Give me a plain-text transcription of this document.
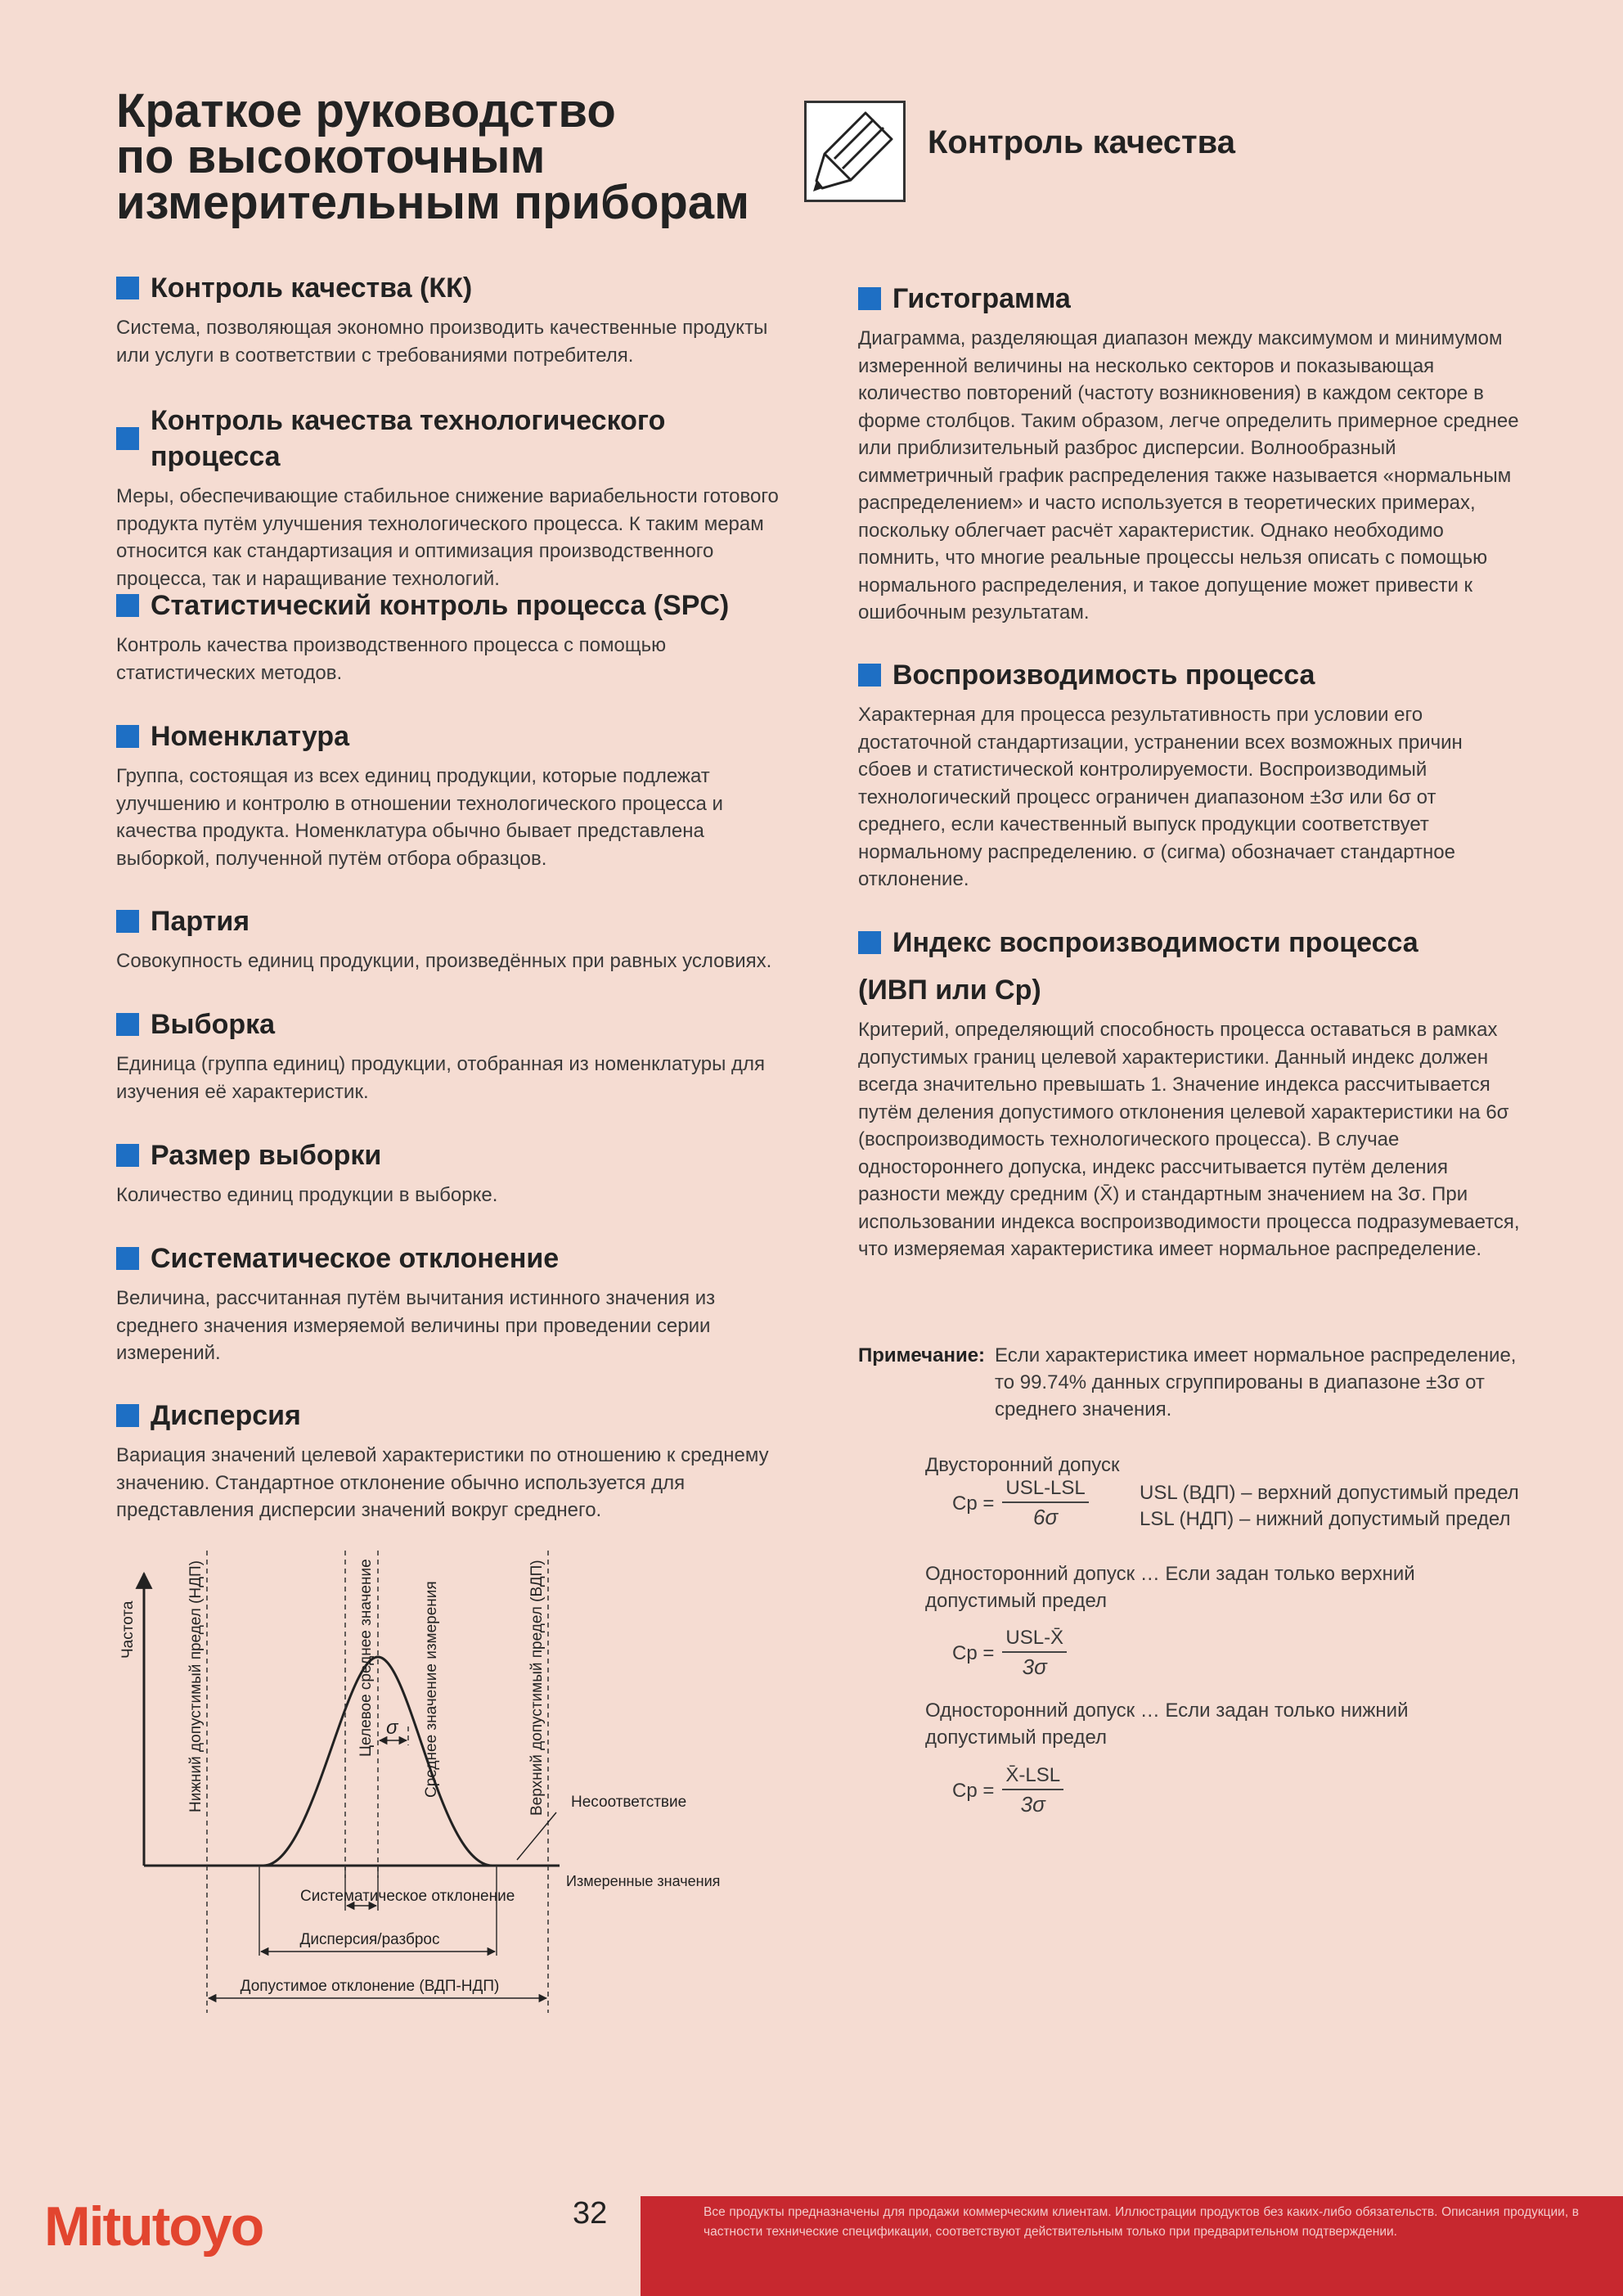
Краткое руководство
по высокоточным
измерительным приборам
Контроль качества
Контроль качества (КК)

Система, позволяющая экономно производить качественные продукты или услуги в соответствии с требованиями потребителя.

Контроль качества технологического процесса

Меры, обеспечивающие стабильное снижение вариабельности готового продукта путём улучшения технологического процесса. К таким мерам относится как стандартизация и оптимизация производственного процесса, так и наращивание технологий.

Статистический контроль процесса (SPC)

Контроль качества производственного процесса с помощью статистических методов.

Номенклатура

Группа, состоящая из всех единиц продукции, которые подлежат улучшению и контролю в отношении технологического процесса и качества продукта. Номенклатура обычно бывает представлена выборкой, полученной путём отбора образцов.

Партия

Совокупность единиц продукции, произведённых при равных условиях.

Выборка

Единица (группа единиц) продукции, отобранная из номенклатуры для изучения её характеристик.

Размер выборки

Количество единиц продукции в выборке.

Систематическое отклонение

Величина, рассчитанная путём вычитания истинного значения из среднего значения измеряемой величины при проведении серии измерений.

Дисперсия

Вариация значений целевой характеристики по отношению к среднему значению. Стандартное отклонение обычно используется для представления дисперсии значений вокруг среднего.

Частота	Нижний допустимый предел (НДП)	Целевое среднее значение	Среднее значение измерения	Верхний допустимый предел (ВДП)
σ
Несоответствие
Измеренные значения
Систематическое отклонение
Дисперсия/разброс
Допустимое отклонение (ВДП-НДП)
Гистограмма

Диаграмма, разделяющая диапазон между максимумом и минимумом измеренной величины на несколько секторов и показывающая количество повторений (частоту возникновения) в каждом секторе в форме столбцов. Таким образом, легче определить примерное среднее или приблизительный разброс дисперсии. Волнообразный симметричный график распределения также называется «нормальным распределением» и часто используется в теоретических примерах, поскольку облегчает расчёт характеристик. Однако необходимо помнить, что многие реальные процессы нельзя описать с помощью нормального распределения, и такое допущение может привести к ошибочным результатам.

Воспроизводимость процесса

Характерная для процесса результативность при условии его достаточной стандартизации, устранении всех возможных причин сбоев и статистической контролируемости. Воспроизводимый технологический процесс ограничен диапазоном ±3σ или 6σ от среднего, если качественный выпуск продукции соответствует нормальному распределению. σ (сигма) обозначает стандартное отклонение.

Индекс воспроизводимости процесса
(ИВП или Cp)

Критерий, определяющий способность процесса оставаться в рамках допустимых границ целевой характеристики. Данный индекс должен всегда значительно превышать 1. Значение индекса рассчитывается путём деления допустимого отклонения целевой характеристики на 6σ (воспроизводимость технологического процесса). В случае одностороннего допуска, индекс рассчитывается путём деления разности между средним (X̄) и стандартным значением на 3σ. При использовании индекса воспроизводимости процесса подразумевается, что измеряемая характеристика имеет нормальное распределение.

Примечание: Если характеристика имеет нормальное распределение, то 99.74% данных сгруппированы в диапазоне ±3σ от среднего значения.
Двусторонний допуск
$Cp = \frac{\text{USL-LSL}}{6\sigma}$	USL (ВДП) – верхний допустимый предел
LSL (НДП) – нижний допустимый предел
Односторонний допуск … Если задан только верхний допустимый предел
$Cp = \frac{\text{USL-X̄}}{3\sigma}$
Односторонний допуск … Если задан только нижний допустимый предел
$Cp = \frac{\text{X̄-LSL}}{3\sigma}$
Mitutoyo	32	Все продукты предназначены для продажи коммерческим клиентам. Иллюстрации продуктов без каких-либо обязательств. Описания продукции, в частности технические спецификации, соответствуют действительным только при предварительном подтверждении.
